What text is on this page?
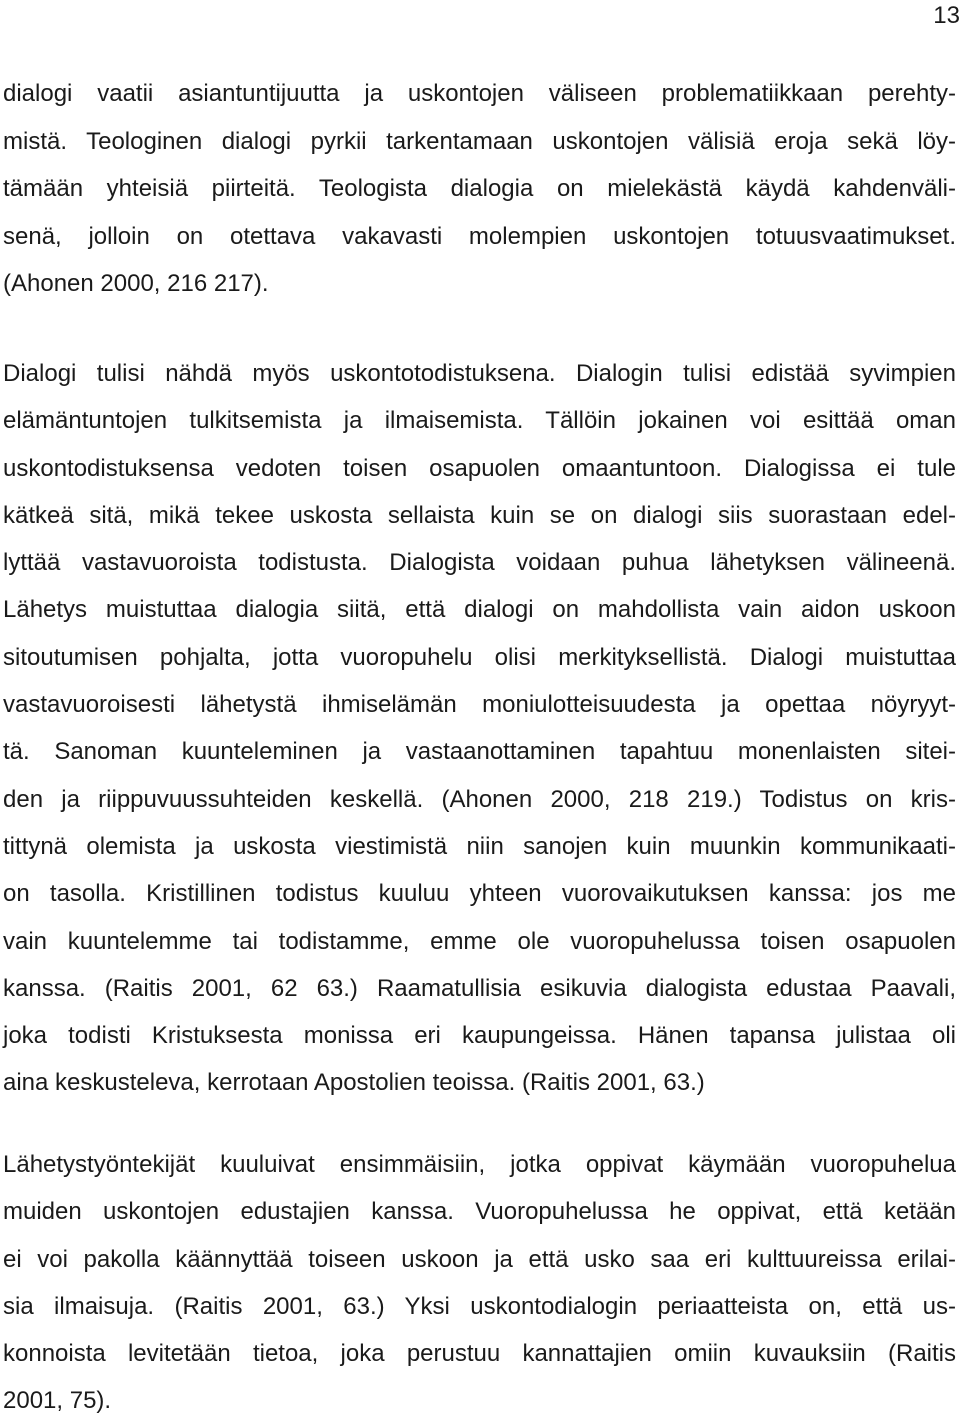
13
dialogi vaatii asiantuntijuutta ja uskontojen väliseen problematiikkaan perehty-
mistä. Teologinen dialogi pyrkii tarkentamaan uskontojen välisiä eroja sekä löy-
tämään yhteisiä piirteitä. Teologista dialogia on mielekästä käydä kahdenväli-
senä, jolloin on otettava vakavasti molempien uskontojen totuusvaatimukset.
(Ahonen 2000, 216 217).
Dialogi tulisi nähdä myös uskontotodistuksena. Dialogin tulisi edistää syvimpien
elämäntuntojen tulkitsemista ja ilmaisemista. Tällöin jokainen voi esittää oman
uskontodistuksensa vedoten toisen osapuolen omaantuntoon. Dialogissa ei tule
kätkeä sitä, mikä tekee uskosta sellaista kuin se on dialogi siis suorastaan edel-
lyttää vastavuoroista todistusta. Dialogista voidaan puhua lähetyksen välineenä.
Lähetys muistuttaa dialogia siitä, että dialogi on mahdollista vain aidon uskoon
sitoutumisen pohjalta, jotta vuoropuhelu olisi merkityksellistä. Dialogi muistuttaa
vastavuoroisesti lähetystä ihmiselämän moniulotteisuudesta ja opettaa nöyryyt-
tä. Sanoman kuunteleminen ja vastaanottaminen tapahtuu monenlaisten sitei-
den ja riippuvuussuhteiden keskellä. (Ahonen 2000, 218 219.) Todistus on kris-
tittynä olemista ja uskosta viestimistä niin sanojen kuin muunkin kommunikaati-
on tasolla. Kristillinen todistus kuuluu yhteen vuorovaikutuksen kanssa: jos me
vain kuuntelemme tai todistamme, emme ole vuoropuhelussa toisen osapuolen
kanssa. (Raitis 2001, 62 63.) Raamatullisia esikuvia dialogista edustaa Paavali,
joka todisti Kristuksesta monissa eri kaupungeissa. Hänen tapansa julistaa oli
aina keskusteleva, kerrotaan Apostolien teoissa. (Raitis 2001, 63.)
Lähetystyöntekijät kuuluivat ensimmäisiin, jotka oppivat käymään vuoropuhelua
muiden uskontojen edustajien kanssa. Vuoropuhelussa he oppivat, että ketään
ei voi pakolla käännyttää toiseen uskoon ja että usko saa eri kulttuureissa erilai-
sia ilmaisuja. (Raitis 2001, 63.) Yksi uskontodialogin periaatteista on, että us-
konnoista levitetään tietoa, joka perustuu kannattajien omiin kuvauksiin (Raitis
2001, 75).
